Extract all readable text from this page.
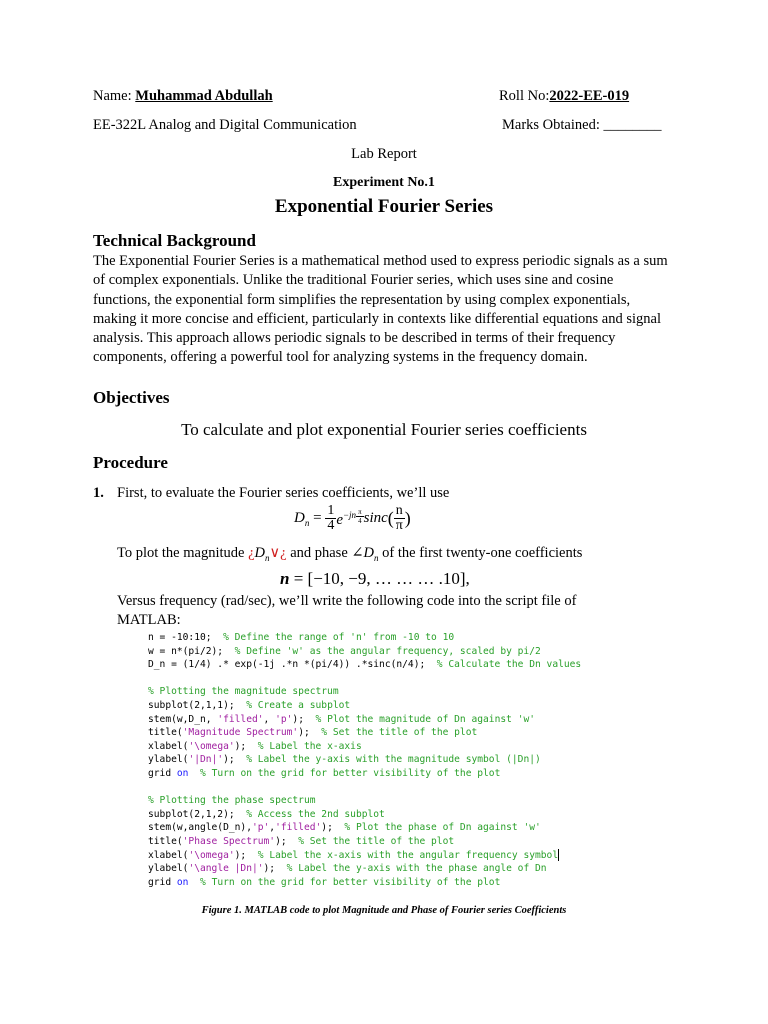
Name: Muhammad Abdullah	Roll No:2022-EE-019
EE-322L Analog and Digital Communication	Marks Obtained: ________
Lab Report
Experiment No.1
Exponential Fourier Series
Technical Background
The Exponential Fourier Series is a mathematical method used to express periodic signals as a sum of complex exponentials. Unlike the traditional Fourier series, which uses sine and cosine functions, the exponential form simplifies the representation by using complex exponentials, making it more concise and efficient, particularly in contexts like differential equations and signal analysis. This approach allows periodic signals to be described in terms of their frequency components, offering a powerful tool for analyzing systems in the frequency domain.
Objectives
To calculate and plot exponential Fourier series coefficients
Procedure
1. First, to evaluate the Fourier series coefficients, we’ll use
$D_n = \frac{1}{4} e^{-jn \frac{\pi}{4}}$ $\sin c( \frac{n}{\pi}$ )
To plot the magnitude ¿$D_n\vee¿$ and phase $\angle D_n$ of the first twenty-one coefficients
n = [−10, −9, … … … .10],
Versus frequency (rad/sec), we’ll write the following code into the script file of MATLAB:
n = -10:10;  % Define the range of 'n' from -10 to 10
w = n*(pi/2);  % Define 'w' as the angular frequency, scaled by pi/2
D_n = (1/4) .* exp(-1j .*n *(pi/4)) .*sinc(n/4);  % Calculate the Dn values
% Plotting the magnitude spectrum
subplot(2,1,1);  % Create a subplot
stem(w,D_n, 'filled', 'p');  % Plot the magnitude of Dn against 'w'
title('Magnitude Spectrum');  % Set the title of the plot
xlabel('\omega');  % Label the x-axis
ylabel('|Dn|');  % Label the y-axis with the magnitude symbol (|Dn|)
grid on % Turn on the grid for better visibility of the plot
% Plotting the phase spectrum
subplot(2,1,2);  % Access the 2nd subplot
stem(w,angle(D_n),'p','filled');  % Plot the phase of Dn against 'w'
title('Phase Spectrum');  % Set the title of the plot
xlabel('\omega');  % Label the x-axis with the angular frequency symbol
ylabel('\angle |Dn|');  % Label the y-axis with the phase angle of Dn
grid on % Turn on the grid for better visibility of the plot
Figure 1. MATLAB code to plot Magnitude and Phase of Fourier series Coefficients
